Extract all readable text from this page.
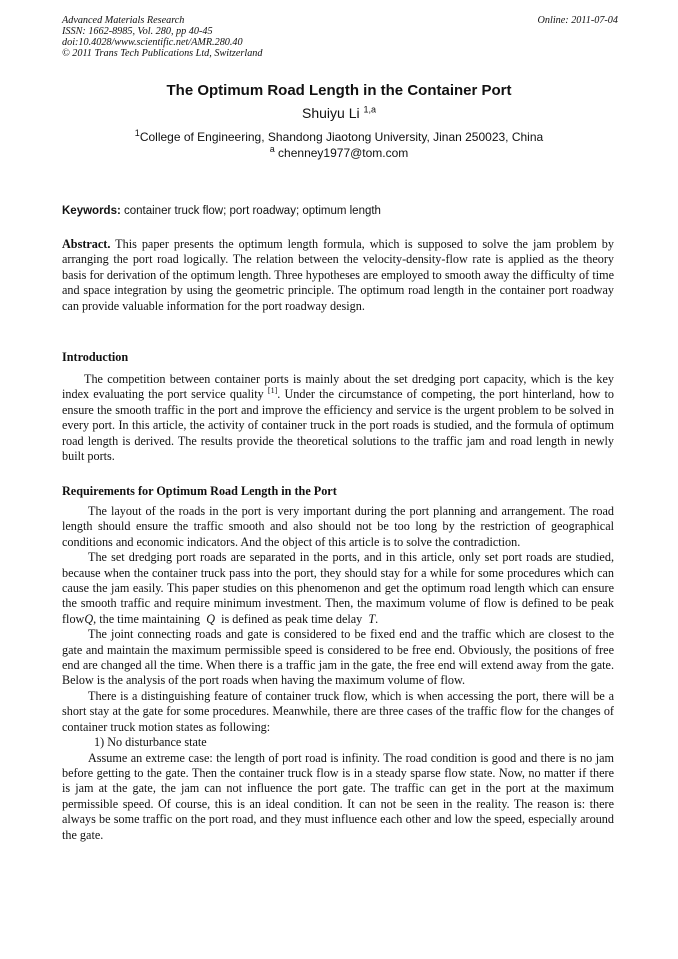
Advanced Materials Research
ISSN: 1662-8985, Vol. 280, pp 40-45
doi:10.4028/www.scientific.net/AMR.280.40
© 2011 Trans Tech Publications Ltd, Switzerland
Online: 2011-07-04
The Optimum Road Length in the Container Port
Shuiyu Li $^{1,a}$
$^1$College of Engineering, Shandong Jiaotong University, Jinan 250023, China
$^a$ chenney1977@tom.com
Keywords: container truck flow; port roadway; optimum length

Abstract. This paper presents the optimum length formula, which is supposed to solve the jam problem by arranging the port road logically. The relation between the velocity-density-flow rate is applied as the theory basis for derivation of the optimum length. Three hypotheses are employed to smooth away the difficulty of time and space integration by using the geometric principle. The optimum road length in the container port roadway can provide valuable information for the port roadway design.

Introduction

The competition between container ports is mainly about the set dredging port capacity, which is the key index evaluating the port service quality [1]. Under the circumstance of competing, the port hinterland, how to ensure the smooth traffic in the port and improve the efficiency and service is the urgent problem to be solved in every port. In this article, the activity of container truck in the port roads is studied, and the formula of optimum road length is derived. The results provide the theoretical solutions to the traffic jam and road length in newly built ports.

Requirements for Optimum Road Length in the Port

The layout of the roads in the port is very important during the port planning and arrangement. The road length should ensure the traffic smooth and also should not be too long by the restriction of geographical conditions and economic indicators. And the object of this article is to solve the contradiction.

The set dredging port roads are separated in the ports, and in this article, only set port roads are studied, because when the container truck pass into the port, they should stay for a while for some procedures which can cause the jam easily. This paper studies on this phenomenon and get the optimum road length which can ensure the smooth traffic and require minimum investment. Then, the maximum volume of flow is defined to be peak flowQ, the time maintaining Q is defined as peak time delay T.

The joint connecting roads and gate is considered to be fixed end and the traffic which are closest to the gate and maintain the maximum permissible speed is considered to be free end. Obviously, the positions of free end are changed all the time. When there is a traffic jam in the gate, the free end will extend away from the gate. Below is the analysis of the port roads when having the maximum volume of flow.

There is a distinguishing feature of container truck flow, which is when accessing the port, there will be a short stay at the gate for some procedures. Meanwhile, there are three cases of the traffic flow for the changes of container truck motion states as following:

1) No disturbance state

Assume an extreme case: the length of port road is infinity. The road condition is good and there is no jam before getting to the gate. Then the container truck flow is in a steady sparse flow state. Now, no matter if there is jam at the gate, the jam can not influence the port gate. The traffic can get in the port at the maximum permissible speed. Of course, this is an ideal condition. It can not be seen in the reality. The reason is: there always be some traffic on the port road, and they must influence each other and low the speed, especially around the gate.
